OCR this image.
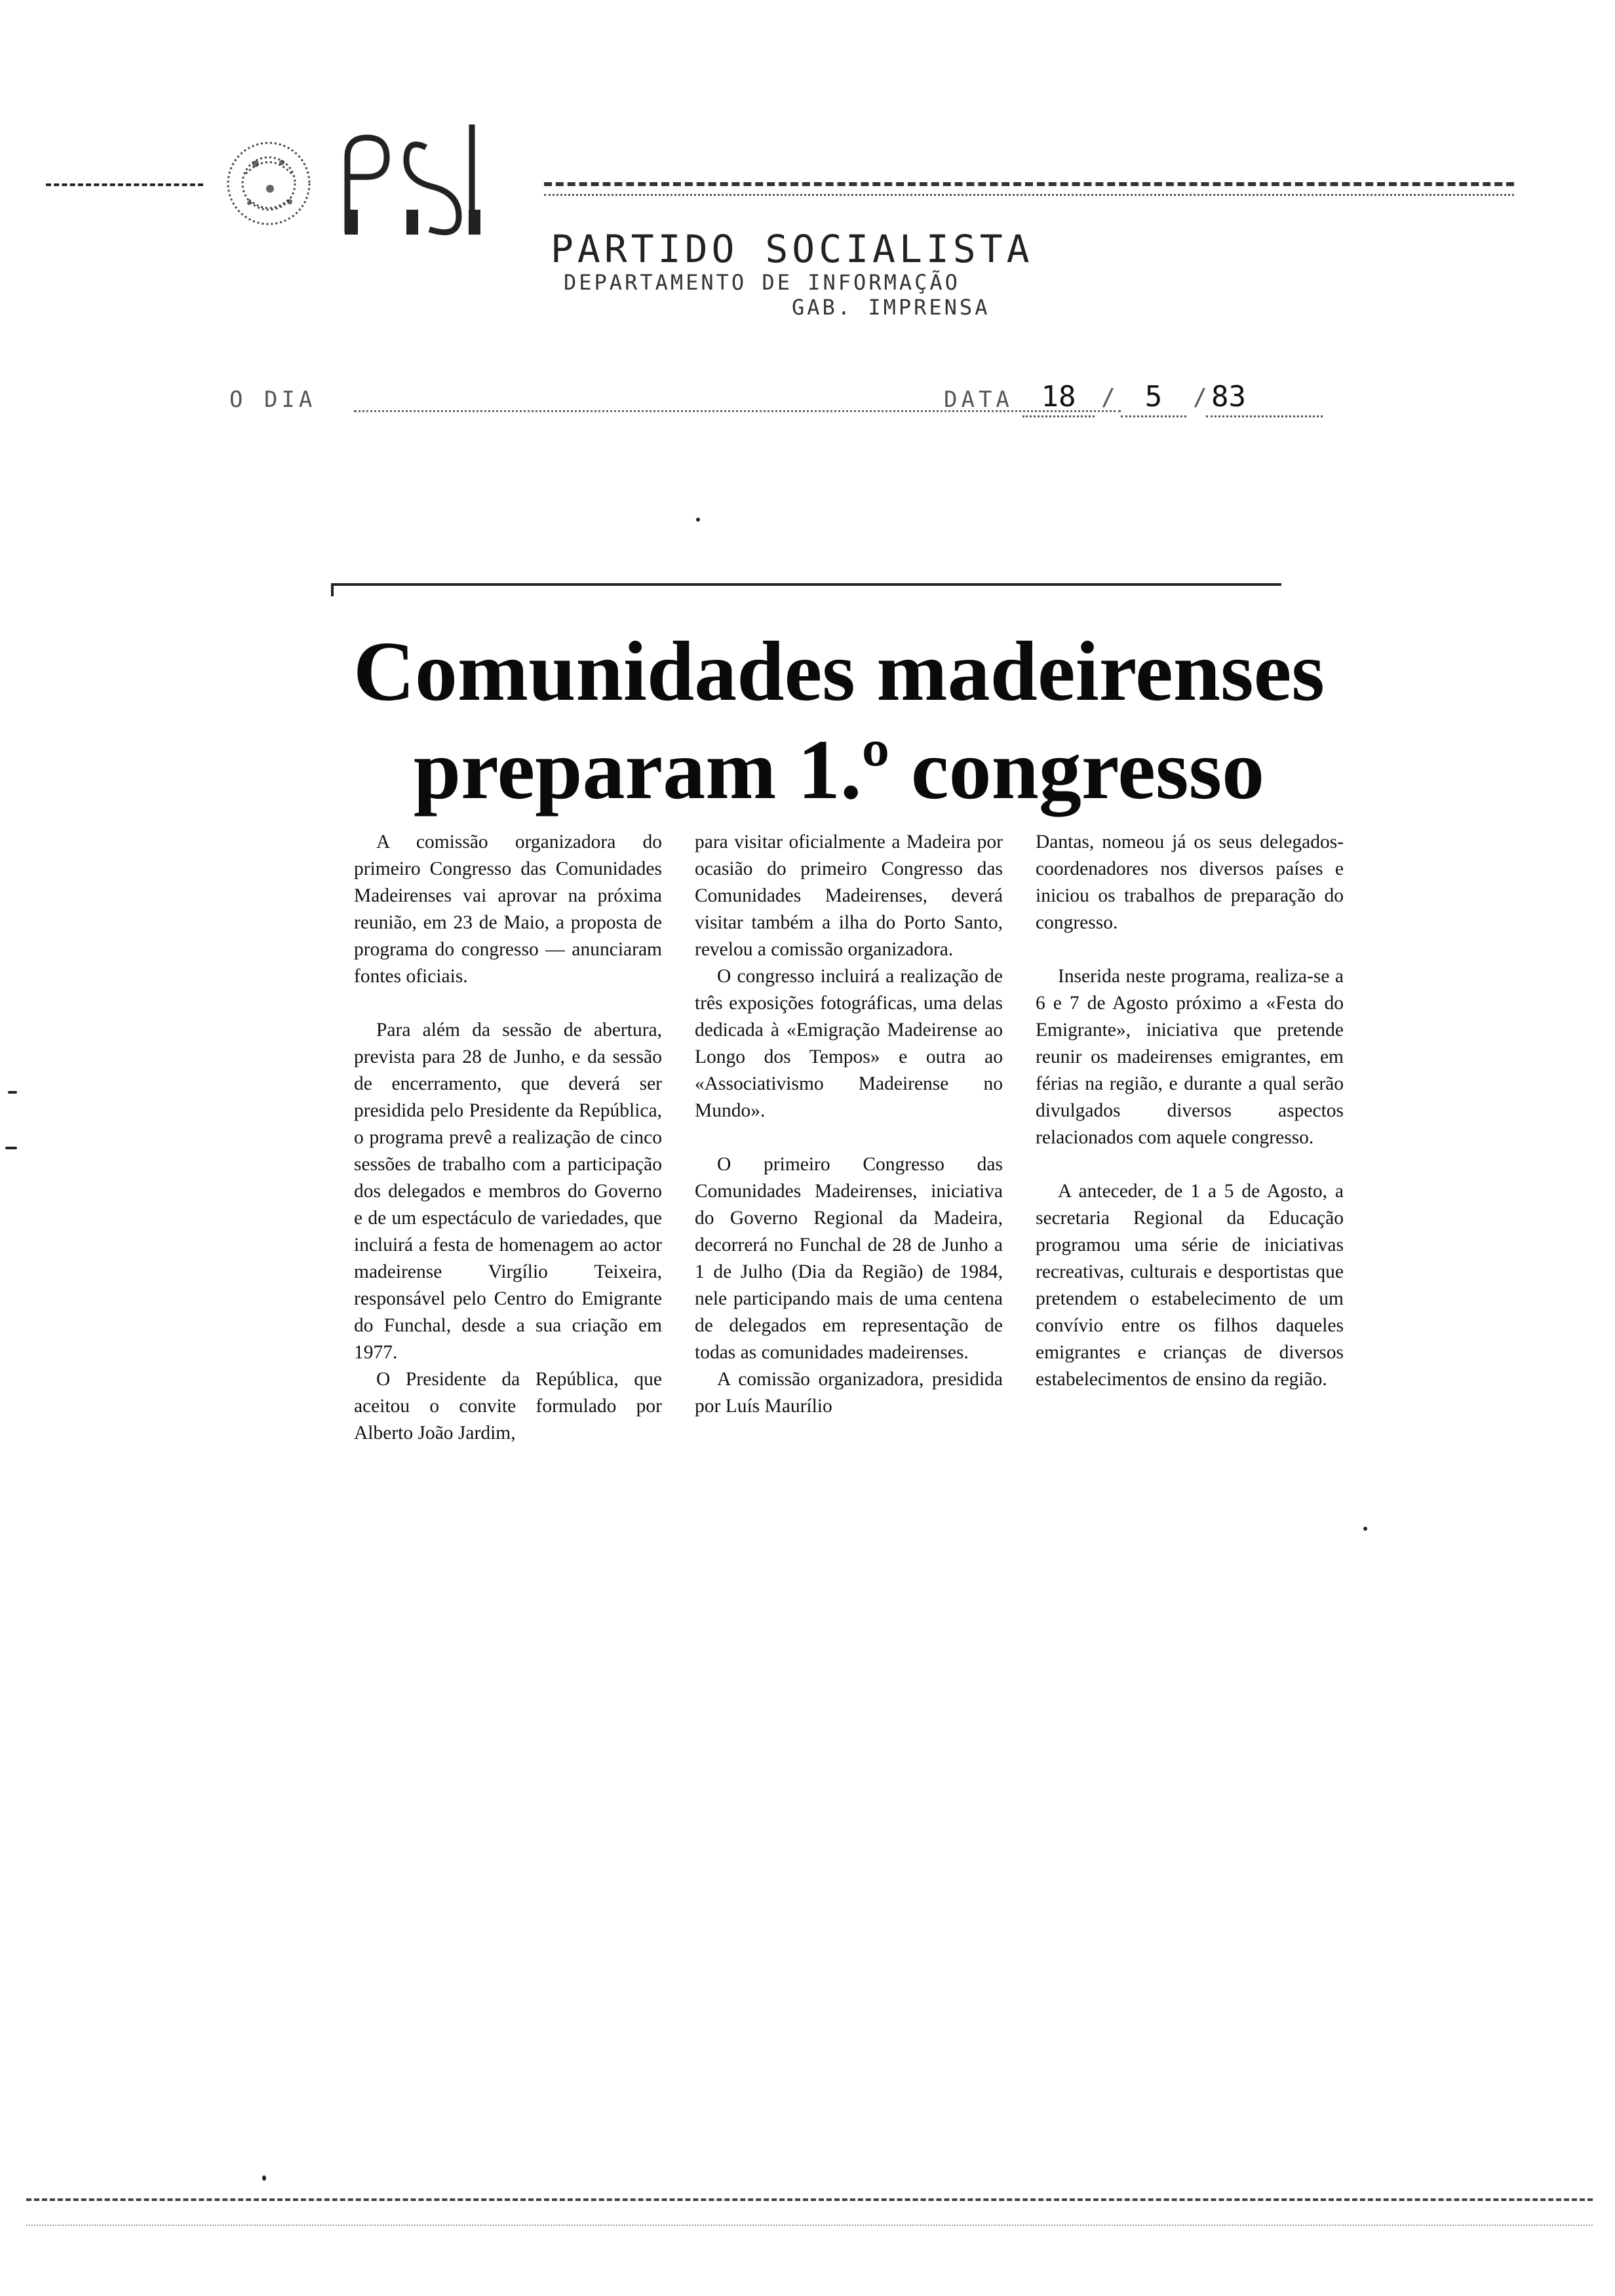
PARTIDO SOCIALISTA
DEPARTAMENTO DE INFORMAÇÃO
GAB. IMPRENSA
O DIA	DATA 18	/	5	/ 83
Comunidades madeirenses
preparam 1.º congresso

A comissão organizadora do primeiro Congresso das Comunidades Madeirenses vai aprovar na próxima reunião, em 23 de Maio, a proposta de programa do congresso — anunciaram fontes oficiais.

Para além da sessão de abertura, prevista para 28 de Junho, e da sessão de encerramento, que deverá ser presidida pelo Presidente da República, o programa prevê a realização de cinco sessões de trabalho com a participação dos delegados e membros do Governo e de um espectáculo de variedades, que incluirá a festa de homenagem ao actor madeirense Virgílio Teixeira, responsável pelo Centro do Emigrante do Funchal, desde a sua criação em 1977.

O Presidente da República, que aceitou o convite formulado por Alberto João Jardim,

para visitar oficialmente a Madeira por ocasião do primeiro Congresso das Comunidades Madeirenses, deverá visitar também a ilha do Porto Santo, revelou a comissão organizadora.

O congresso incluirá a realização de três exposições fotográficas, uma delas dedicada à «Emigração Madeirense ao Longo dos Tempos» e outra ao «Associativismo Madeirense no Mundo».

O primeiro Congresso das Comunidades Madeirenses, iniciativa do Governo Regional da Madeira, decorrerá no Funchal de 28 de Junho a 1 de Julho (Dia da Região) de 1984, nele participando mais de uma centena de delegados em representação de todas as comunidades madeirenses.

A comissão organizadora, presidida por Luís Maurílio

Dantas, nomeou já os seus delegados-coordenadores nos diversos países e iniciou os trabalhos de preparação do congresso.

Inserida neste programa, realiza-se a 6 e 7 de Agosto próximo a «Festa do Emigrante», iniciativa que pretende reunir os madeirenses emigrantes, em férias na região, e durante a qual serão divulgados diversos aspectos relacionados com aquele congresso.

A anteceder, de 1 a 5 de Agosto, a secretaria Regional da Educação programou uma série de iniciativas recreativas, culturais e desportistas que pretendem o estabelecimento de um convívio entre os filhos daqueles emigrantes e crianças de diversos estabelecimentos de ensino da região.
